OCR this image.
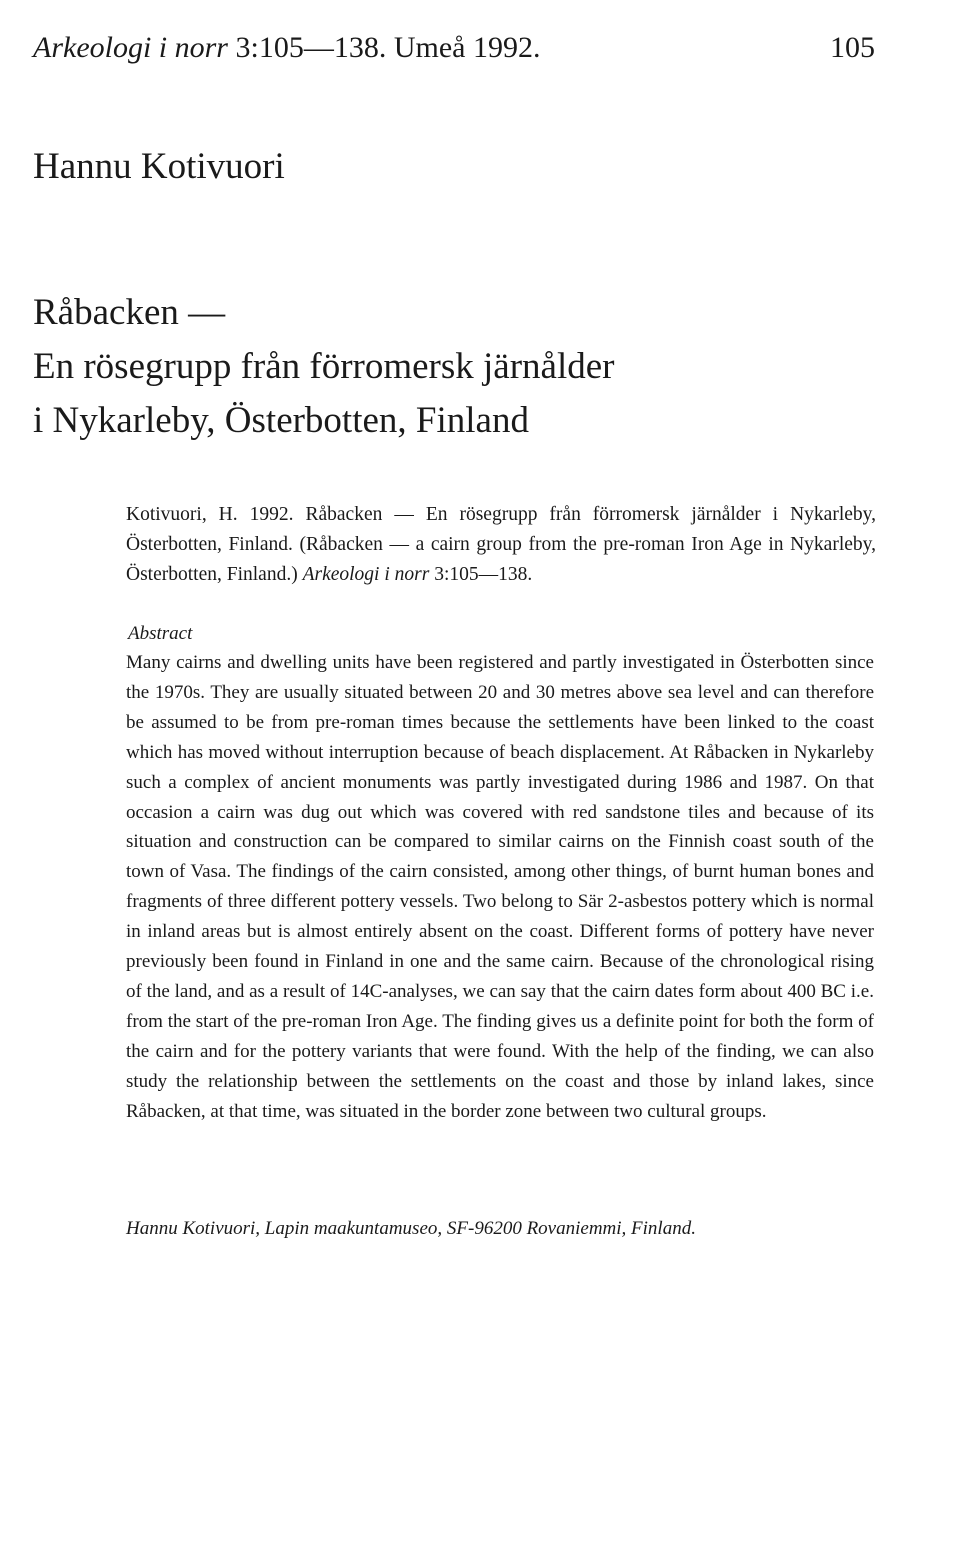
Arkeologi i norr 3:105—138. Umeå 1992.	105
Hannu Kotivuori
Råbacken —
En rösegrupp från förromersk järnålder
i Nykarleby, Österbotten, Finland
Kotivuori, H. 1992. Råbacken — En rösegrupp från förromersk järnålder i Nykarleby, Österbotten, Finland. (Råbacken — a cairn group from the pre-roman Iron Age in Nykarleby, Österbotten, Finland.) Arkeologi i norr 3:105—138.
Abstract
Many cairns and dwelling units have been registered and partly investigated in Österbotten since the 1970s. They are usually situated between 20 and 30 metres above sea level and can therefore be assumed to be from pre-roman times because the settlements have been linked to the coast which has moved without interruption because of beach displacement. At Råbacken in Nykarleby such a complex of ancient monuments was partly investigated during 1986 and 1987. On that occasion a cairn was dug out which was covered with red sandstone tiles and because of its situation and construction can be compared to similar cairns on the Finnish coast south of the town of Vasa. The findings of the cairn consisted, among other things, of burnt human bones and fragments of three different pottery vessels. Two belong to Sär 2-asbestos pottery which is normal in inland areas but is almost entirely absent on the coast. Different forms of pottery have never previously been found in Finland in one and the same cairn. Because of the chronological rising of the land, and as a result of 14C-analyses, we can say that the cairn dates form about 400 BC i.e. from the start of the pre-roman Iron Age. The finding gives us a definite point for both the form of the cairn and for the pottery variants that were found. With the help of the finding, we can also study the relationship between the settlements on the coast and those by inland lakes, since Råbacken, at that time, was situated in the border zone between two cultural groups.
Hannu Kotivuori, Lapin maakuntamuseo, SF-96200 Rovaniemmi, Finland.
